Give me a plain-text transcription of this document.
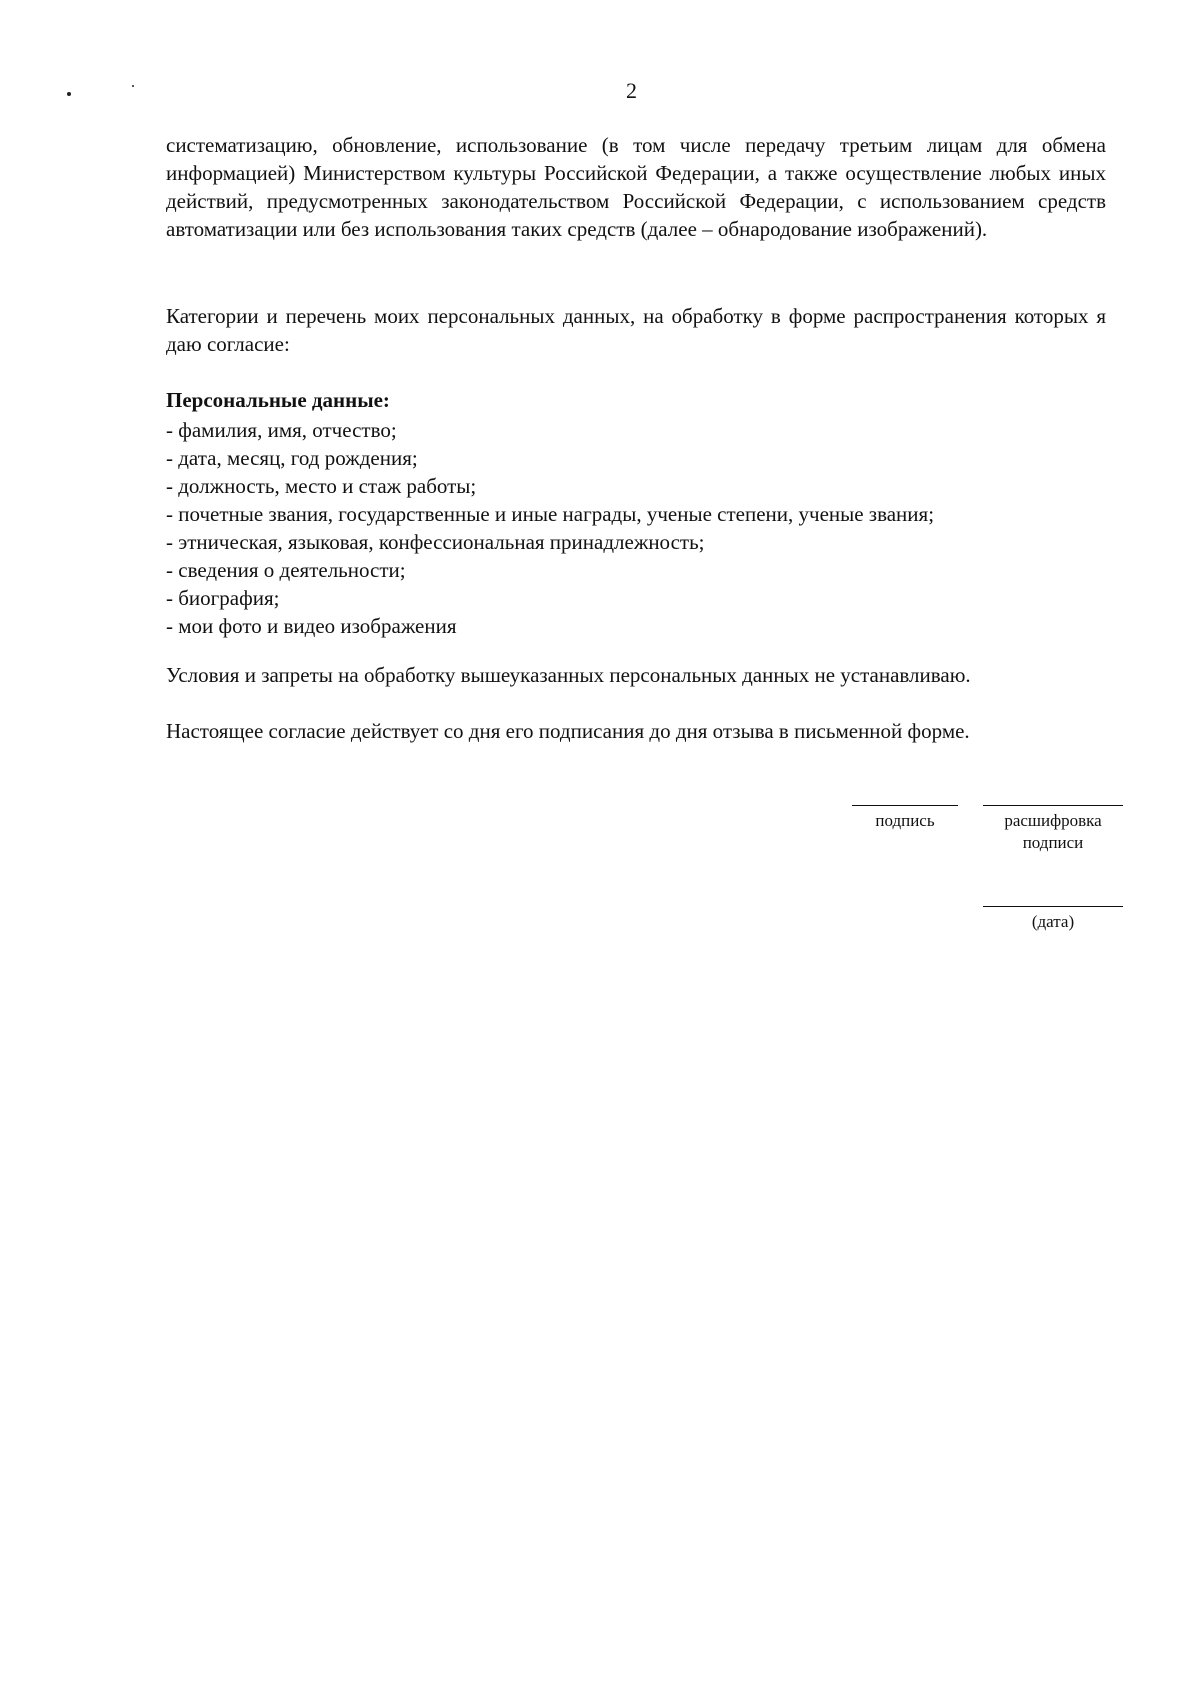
2
систематизацию, обновление, использование (в том числе передачу третьим лицам для обмена информацией) Министерством культуры Российской Федерации, а также осуществление любых иных действий, предусмотренных законодательством Российской Федерации, с использованием средств автоматизации или без использования таких средств (далее – обнародование изображений).
Категории и перечень моих персональных данных, на обработку в форме распространения которых я даю согласие:
Персональные данные:
- фамилия, имя, отчество;
- дата, месяц, год рождения;
- должность, место и стаж работы;
- почетные звания, государственные и иные награды, ученые степени, ученые звания;
- этническая, языковая, конфессиональная принадлежность;
- сведения о деятельности;
- биография;
- мои фото и видео изображения
Условия и запреты на обработку вышеуказанных персональных данных не устанавливаю.
Настоящее согласие действует со дня его подписания до дня отзыва в письменной форме.
подпись	расшифровка
подписи
(дата)
